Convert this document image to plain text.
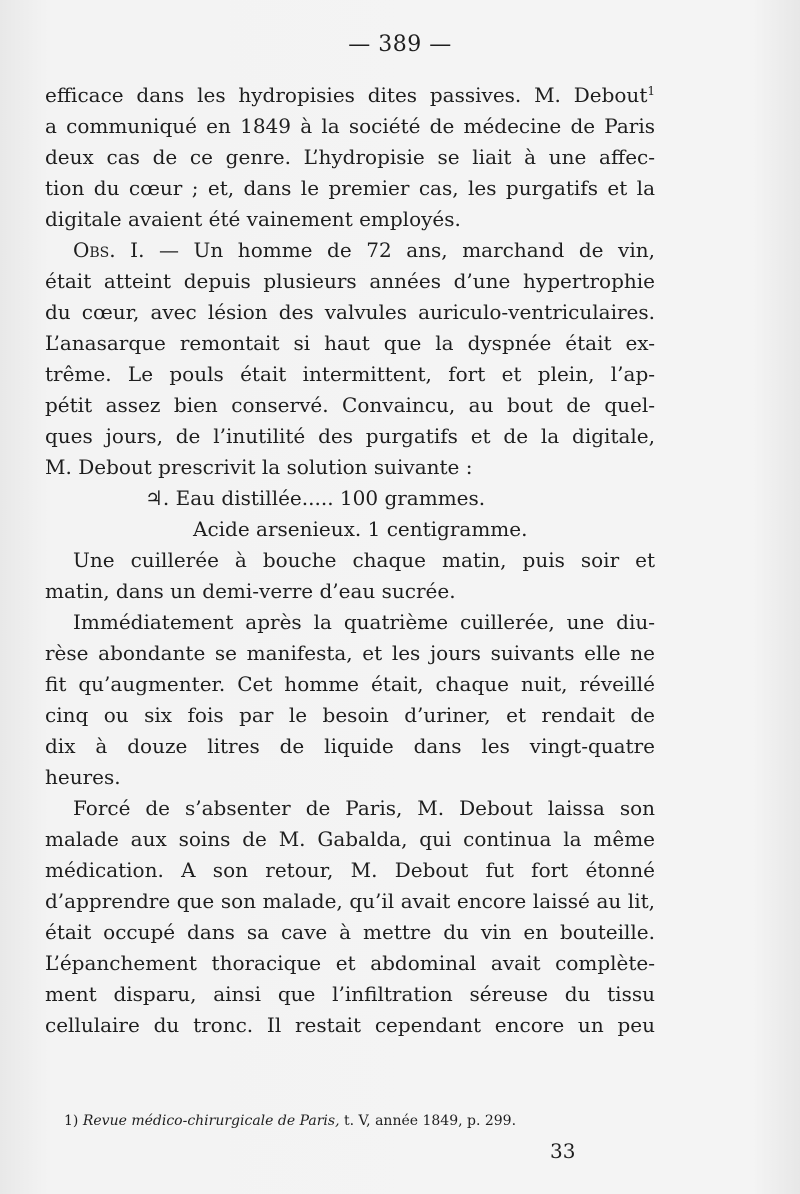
— 389 —
efficace dans les hydropisies dites passives. M. Debout$^1$
a communiqué en 1849 à la société de médecine de Paris
deux cas de ce genre. L’hydropisie se liait à une affec-
tion du cœur ; et, dans le premier cas, les purgatifs et la
digitale avaient été vainement employés.
Obs. I. — Un homme de 72 ans, marchand de vin,
était atteint depuis plusieurs années d’une hypertrophie
du cœur, avec lésion des valvules auriculo-ventriculaires.
L’anasarque remontait si haut que la dyspnée était ex-
trême. Le pouls était intermittent, fort et plein, l’ap-
pétit assez bien conservé. Convaincu, au bout de quel-
ques jours, de l’inutilité des purgatifs et de la digitale,
M. Debout prescrivit la solution suivante :
♃. Eau distillée..... 100 grammes.
Acide arsenieux. 1 centigramme.
Une cuillerée à bouche chaque matin, puis soir et
matin, dans un demi-verre d’eau sucrée.
Immédiatement après la quatrième cuillerée, une diu-
rèse abondante se manifesta, et les jours suivants elle ne
fit qu’augmenter. Cet homme était, chaque nuit, réveillé
cinq ou six fois par le besoin d’uriner, et rendait de
dix à douze litres de liquide dans les vingt-quatre
heures.
Forcé de s’absenter de Paris, M. Debout laissa son
malade aux soins de M. Gabalda, qui continua la même
médication. A son retour, M. Debout fut fort étonné
d’apprendre que son malade, qu’il avait encore laissé au lit,
était occupé dans sa cave à mettre du vin en bouteille.
L’épanchement thoracique et abdominal avait complète-
ment disparu, ainsi que l’infiltration séreuse du tissu
cellulaire du tronc. Il restait cependant encore un peu
1) Revue médico-chirurgicale de Paris, t. V, année 1849, p. 299.
33
